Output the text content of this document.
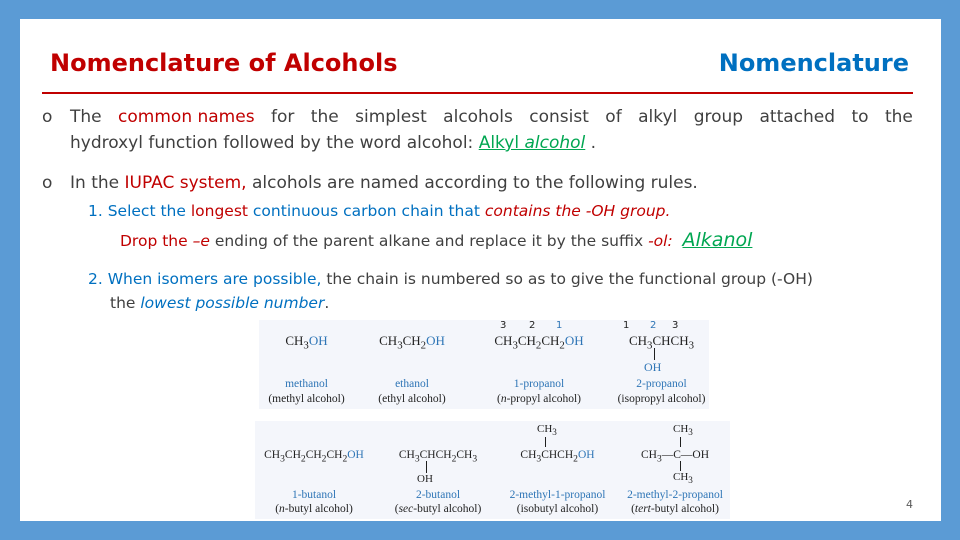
Nomenclature of Alcohols	Nomenclature
o	The common names for the simplest alcohols consist of alkyl group attached to the
hydroxyl function followed by the word alcohol: Alkyl alcohol .
o	In the IUPAC system, alcohols are named according to the following rules.
1. Select the longest continuous carbon chain that contains the -OH group.
Drop the –e ending of the parent alkane and replace it by the suffix -ol: Alkanol
2. When isomers are possible, the chain is numbered so as to give the functional group (-OH)
the lowest possible number.
$CH_3OH$
methanol
(methyl alcohol)
$CH_3CH_2OH$
ethanol
(ethyl alcohol)
3 2 1
$CH_3CH_2CH_2OH$
1-propanol
(n-propyl alcohol)
1 2 3
$CH_3CHCH_3$
OH
2-propanol
(isopropyl alcohol)
$CH_3CH_2CH_2CH_2OH$
1-butanol
(n-butyl alcohol)
$CH_3CHCH_2CH_3$
OH
2-butanol
(sec-butyl alcohol)
$CH_3$
$CH_3CHCH_2OH$
2-methyl-1-propanol
(isobutyl alcohol)
$CH_3$
$CH_3—C—OH$
$CH_3$
2-methyl-2-propanol
(tert-butyl alcohol)	4
